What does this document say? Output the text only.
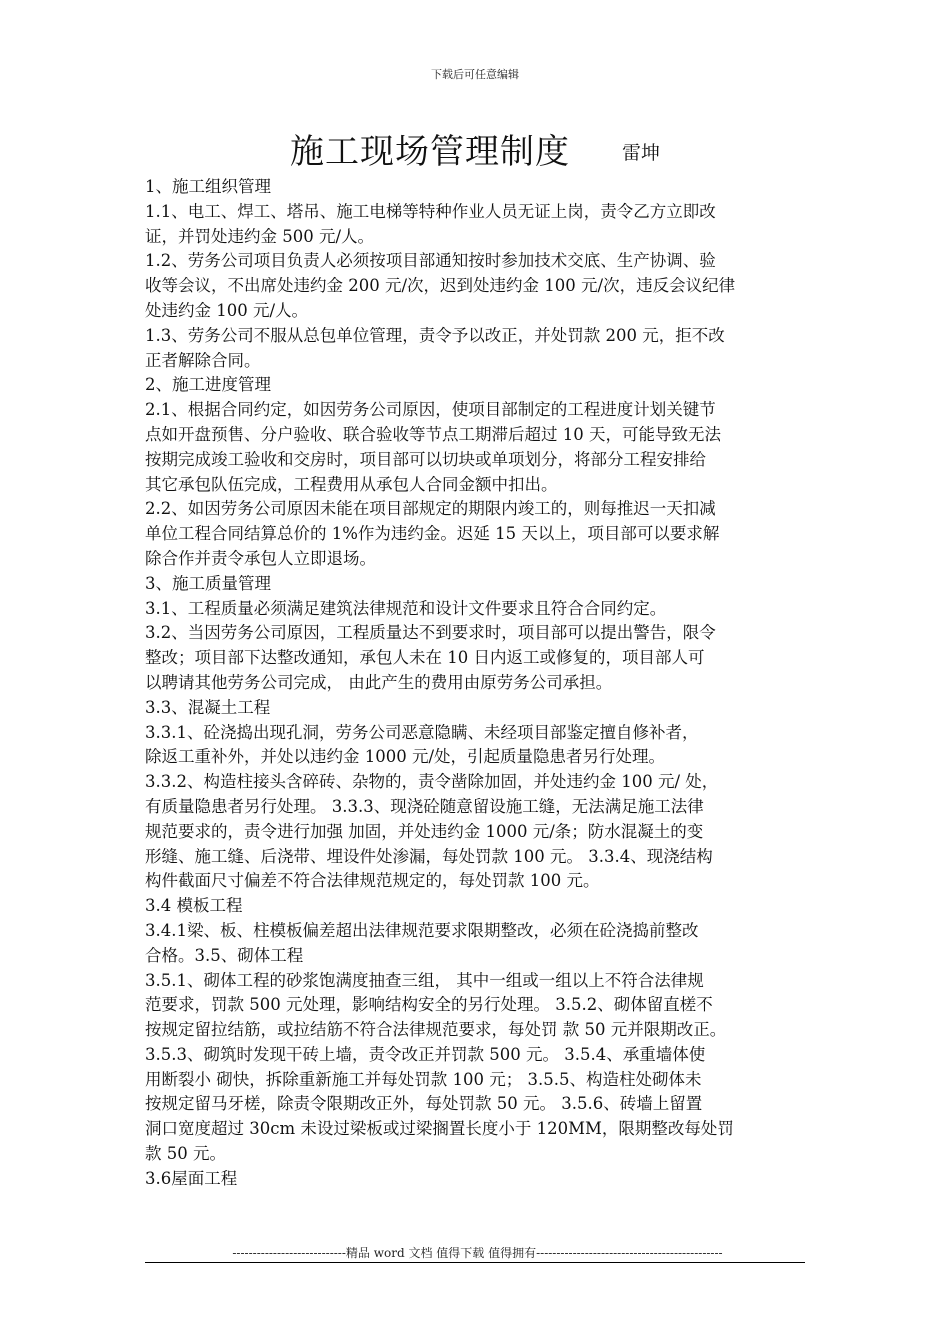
下载后可任意编辑
施工现场管理制度	雷坤

1、施工组织管理

1.1、电工、焊工、塔吊、施工电梯等特种作业人员无证上岗，责令乙方立即改
证，并罚处违约金 500 元/人。

1.2、劳务公司项目负责人必须按项目部通知按时参加技术交底、生产协调、验
收等会议，不出席处违约金 200 元/次，迟到处违约金 100 元/次，违反会议纪律
处违约金 100 元/人。

1.3、劳务公司不服从总包单位管理，责令予以改正，并处罚款 200 元，拒不改
正者解除合同。

2、施工进度管理

2.1、根据合同约定，如因劳务公司原因，使项目部制定的工程进度计划关键节
点如开盘预售、分户验收、联合验收等节点工期滞后超过 10 天，可能导致无法
按期完成竣工验收和交房时，项目部可以切块或单项划分，将部分工程安排给
其它承包队伍完成，工程费用从承包人合同金额中扣出。

2.2、如因劳务公司原因未能在项目部规定的期限内竣工的，则每推迟一天扣减
单位工程合同结算总价的 1%作为违约金。迟延 15 天以上，项目部可以要求解
除合作并责令承包人立即退场。

3、施工质量管理

3.1、工程质量必须满足建筑法律规范和设计文件要求且符合合同约定。

3.2、当因劳务公司原因，工程质量达不到要求时，项目部可以提出警告，限令
整改；项目部下达整改通知，承包人未在 10 日内返工或修复的，项目部人可
以聘请其他劳务公司完成， 由此产生的费用由原劳务公司承担。

3.3、混凝土工程

3.3.1、砼浇捣出现孔洞，劳务公司恶意隐瞒、未经项目部鉴定擅自修补者，
除返工重补外，并处以违约金 1000 元/处，引起质量隐患者另行处理。

3.3.2、构造柱接头含碎砖、杂物的，责令凿除加固，并处违约金 100 元/ 处，
有质量隐患者另行处理。 3.3.3、现浇砼随意留设施工缝，无法满足施工法律
规范要求的，责令进行加强 加固，并处违约金 1000 元/条；防水混凝土的变
形缝、施工缝、后浇带、埋设件处渗漏，每处罚款 100 元。 3.3.4、现浇结构
构件截面尺寸偏差不符合法律规范规定的，每处罚款 100 元。

3.4 模板工程

3.4.1梁、板、柱模板偏差超出法律规范要求限期整改，必须在砼浇捣前整改
合格。3.5、砌体工程

3.5.1、砌体工程的砂浆饱满度抽查三组， 其中一组或一组以上不符合法律规
范要求，罚款 500 元处理，影响结构安全的另行处理。 3.5.2、砌体留直槎不
按规定留拉结筋，或拉结筋不符合法律规范要求，每处罚 款 50 元并限期改正。
3.5.3、砌筑时发现干砖上墙，责令改正并罚款 500 元。 3.5.4、承重墙体使
用断裂小 砌快，拆除重新施工并每处罚款 100 元； 3.5.5、构造柱处砌体未
按规定留马牙槎，除责令限期改正外，每处罚款 50 元。 3.5.6、砖墙上留置
洞口宽度超过 30cm 未设过梁板或过梁搁置长度小于 120MM，限期整改每处罚
款 50 元。

3.6屋面工程

----------------------------精品 word 文档 值得下载 值得拥有----------------------------------------------
